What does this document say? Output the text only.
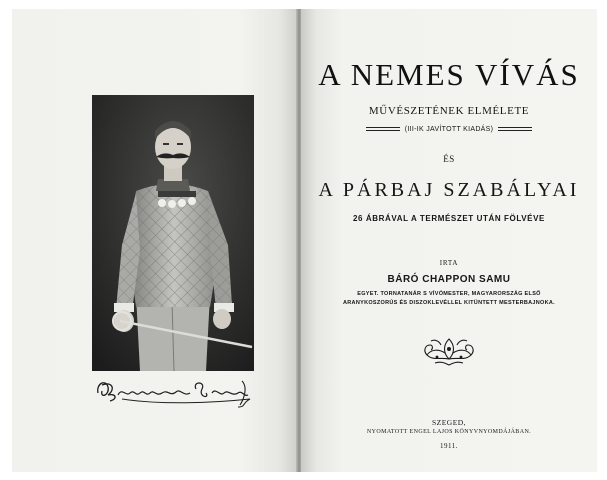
A NEMES VÍVÁS
MŰVÉSZETÉNEK ELMÉLETE
(III-IK JAVÍTOTT KIADÁS)
ÉS
A PÁRBAJ SZABÁLYAI
26 ÁBRÁVAL A TERMÉSZET UTÁN FÖLVÉVE
IRTA
BÁRÓ CHAPPON SAMU
EGYET. TORNATANÁR S VÍVÓMESTER, MAGYARORSZÁG ELSŐ
ARANYKOSZORÚS ÉS DISZOKLEVÉLLEL KITÜNTETT MESTERBAJNOKA.
SZEGED,
NYOMATOTT ENGEL LAJOS KÖNYVNYOMDÁJÁBAN.
1911.
